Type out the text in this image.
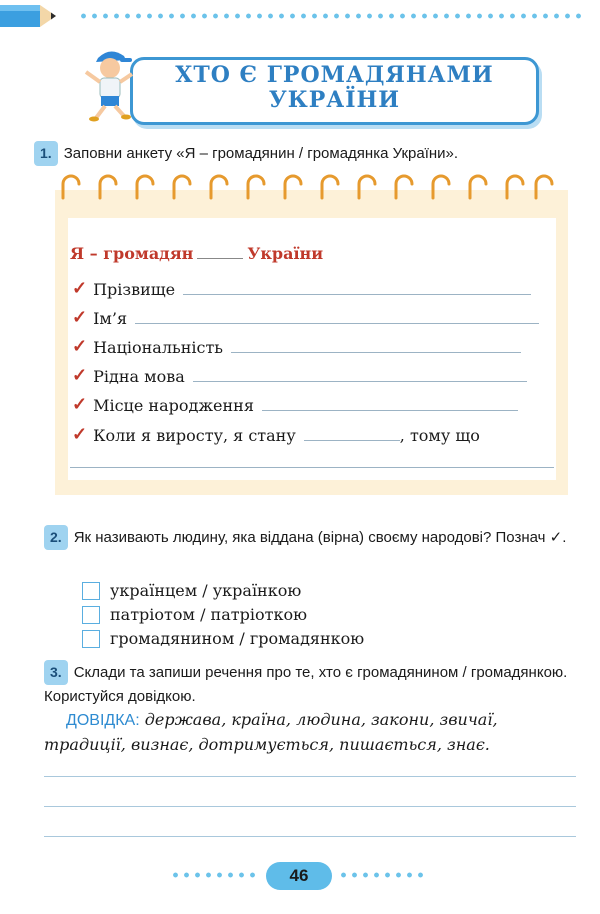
ХТО Є ГРОМАДЯНАМИ
УКРАЇНИ
1. Заповни анкету «Я – громадянин / громадянка України».
Я – громадян	України
✓ Прізвище
✓ Ім’я
✓ Національність
✓ Рідна мова
✓ Місце народження
✓ Коли я виросту, я стану	, тому що
2. Як називають людину, яка віддана (вірна) своєму народові? Познач ✓.
українцем / українкою
патріотом / патріоткою
громадянином / громадянкою
3. Склади та запиши речення про те, хто є громадянином / громадянкою. Користуйся довідкою.
ДОВІДКА: держава, країна, людина, закони, звичаї, традиції, визнає, дотримується, пишається, знає.
46
